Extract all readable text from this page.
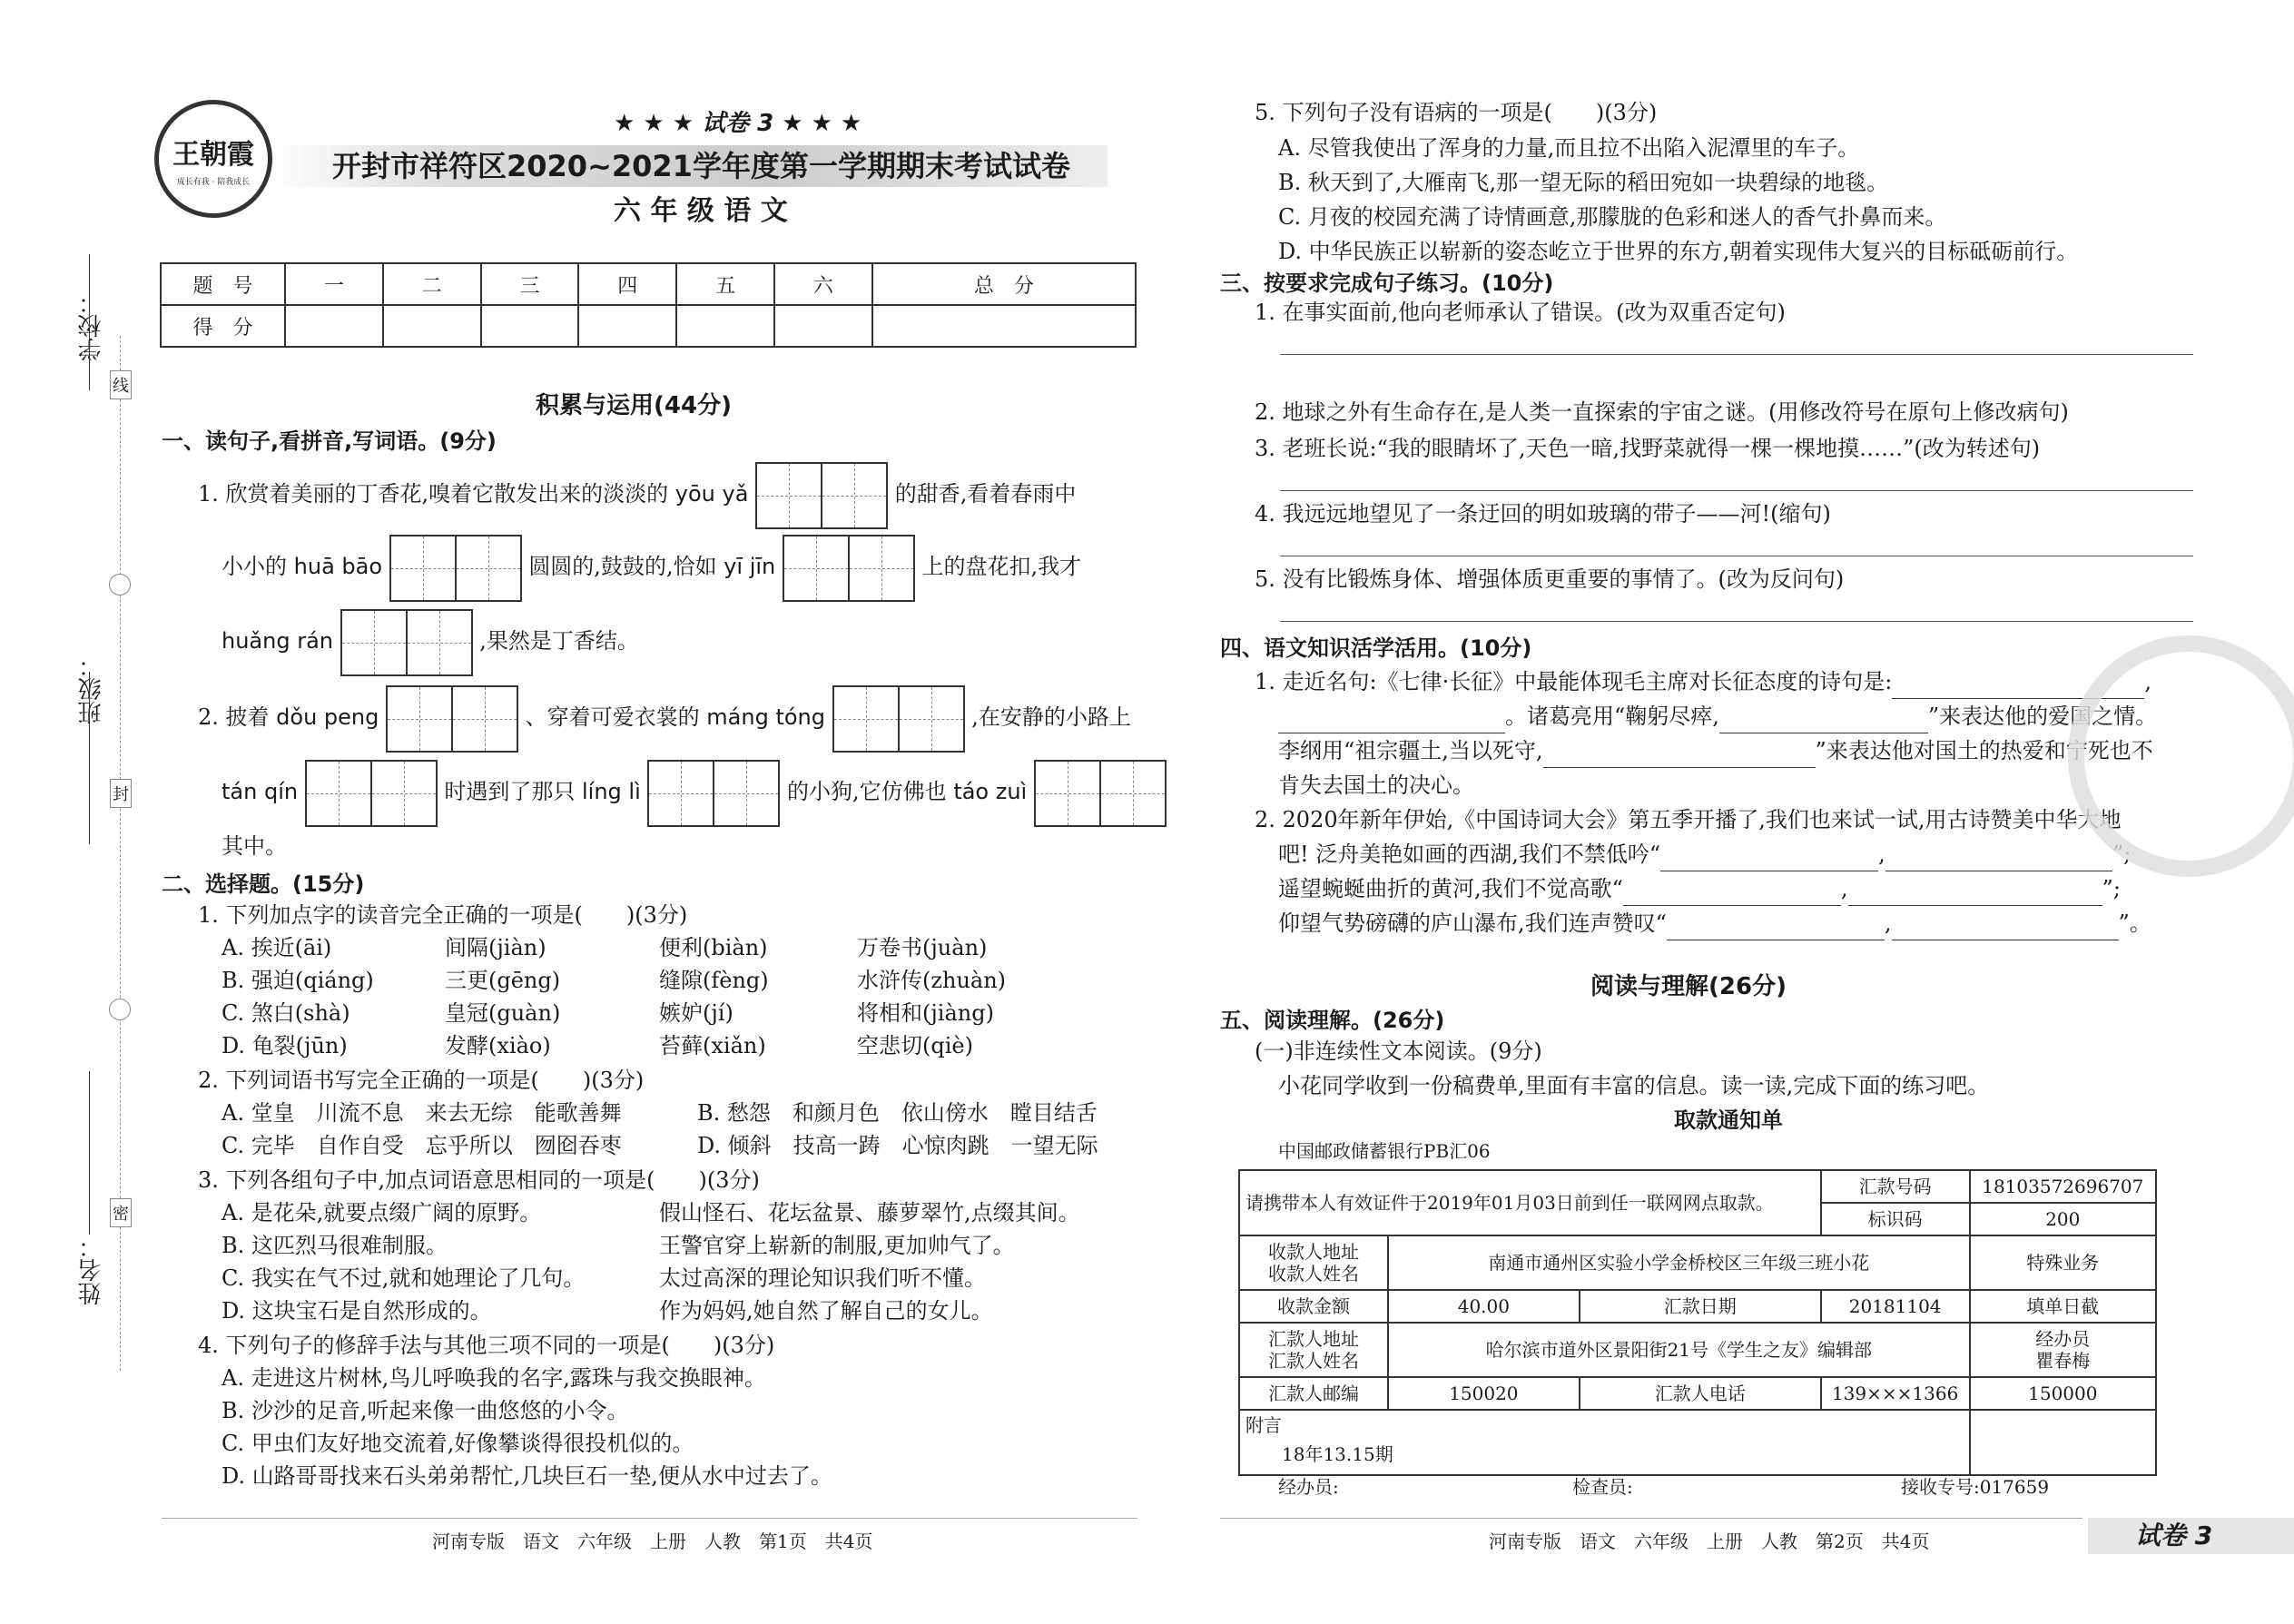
学校：
线
班级：
封
姓名：
密
王朝霞
成长有我 · 陪我成长
★ ★ ★ 试卷 3 ★ ★ ★
开封市祥符区2020~2021学年度第一学期期末考试试卷
六 年 级 语 文
题　号	一	二	三	四	五	六	总　分
得　分							
积累与运用(44分)
一、读句子,看拼音,写词语。(9分)
1. 欣赏着美丽的丁香花,嗅着它散发出来的淡淡的 yōu yǎ	的甜香,看着春雨中
小小的 huā bāo	圆圆的,鼓鼓的,恰如 yī jīn	上的盘花扣,我才
huǎng rán	,果然是丁香结。
2. 披着 dǒu peng	、穿着可爱衣裳的 máng tóng	,在安静的小路上
tán qín	时遇到了那只 líng lì	的小狗,它仿佛也 táo zuì
其中。
二、选择题。(15分)
1. 下列加点字的读音完全正确的一项是(　　)(3分)
A. 挨近(āi)	间隔(jiàn)	便利(biàn)	万卷书(juàn)
B. 强迫(qiáng)	三更(gēng)	缝隙(fèng)	水浒传(zhuàn)
C. 煞白(shà)	皇冠(guàn)	嫉妒(jí)	将相和(jiàng)
D. 龟裂(jūn)	发酵(xiào)	苔藓(xiǎn)	空悲切(qiè)
2. 下列词语书写完全正确的一项是(　　)(3分)
A. 堂皇　川流不息　来去无综　能歌善舞	B. 愁怨　和颜月色　依山傍水　瞠目结舌
C. 完毕　自作自受　忘乎所以　囫囵吞枣	D. 倾斜　技高一踌　心惊肉跳　一望无际
3. 下列各组句子中,加点词语意思相同的一项是(　　)(3分)
A. 是花朵,就要点缀广阔的原野。	假山怪石、花坛盆景、藤萝翠竹,点缀其间。
B. 这匹烈马很难制服。	王警官穿上崭新的制服,更加帅气了。
C. 我实在气不过,就和她理论了几句。	太过高深的理论知识我们听不懂。
D. 这块宝石是自然形成的。	作为妈妈,她自然了解自己的女儿。
4. 下列句子的修辞手法与其他三项不同的一项是(　　)(3分)
A. 走进这片树林,鸟儿呼唤我的名字,露珠与我交换眼神。
B. 沙沙的足音,听起来像一曲悠悠的小令。
C. 甲虫们友好地交流着,好像攀谈得很投机似的。
D. 山路哥哥找来石头弟弟帮忙,几块巨石一垫,便从水中过去了。
河南专版　语文　六年级　上册　人教　第1页　共4页
5. 下列句子没有语病的一项是(　　)(3分)
A. 尽管我使出了浑身的力量,而且拉不出陷入泥潭里的车子。
B. 秋天到了,大雁南飞,那一望无际的稻田宛如一块碧绿的地毯。
C. 月夜的校园充满了诗情画意,那朦胧的色彩和迷人的香气扑鼻而来。
D. 中华民族正以崭新的姿态屹立于世界的东方,朝着实现伟大复兴的目标砥砺前行。
三、按要求完成句子练习。(10分)
1. 在事实面前,他向老师承认了错误。(改为双重否定句)
2. 地球之外有生命存在,是人类一直探索的宇宙之谜。(用修改符号在原句上修改病句)
3. 老班长说:“我的眼睛坏了,天色一暗,找野菜就得一棵一棵地摸……”(改为转述句)
4. 我远远地望见了一条迂回的明如玻璃的带子——河!(缩句)
5. 没有比锻炼身体、增强体质更重要的事情了。(改为反问句)
四、语文知识活学活用。(10分)
1. 走近名句:《七律·长征》中最能体现毛主席对长征态度的诗句是:	,
。诸葛亮用“鞠躬尽瘁,	”来表达他的爱国之情。
李纲用“祖宗疆土,当以死守,	”来表达他对国土的热爱和宁死也不
肯失去国土的决心。
2. 2020年新年伊始,《中国诗词大会》第五季开播了,我们也来试一试,用古诗赞美中华大地
吧! 泛舟美艳如画的西湖,我们不禁低吟“	,	”;
遥望蜿蜒曲折的黄河,我们不觉高歌“	,	”;
仰望气势磅礴的庐山瀑布,我们连声赞叹“	,	”。
阅读与理解(26分)
五、阅读理解。(26分)
(一)非连续性文本阅读。(9分)
小花同学收到一份稿费单,里面有丰富的信息。读一读,完成下面的练习吧。
取款通知单
中国邮政储蓄银行PB汇06
请携带本人有效证件于2019年01月03日前到任一联网网点取款。			汇款号码	18103572696707
			标识码	200
收款人地址
收款人姓名	南通市通州区实验小学金桥校区三年级三班小花			特殊业务
收款金额	40.00	汇款日期	20181104	填单日截
汇款人地址
汇款人姓名	哈尔滨市道外区景阳街21号《学生之友》编辑部			经办员
瞿春梅
汇款人邮编	150020	汇款人电话	139×××1366	150000
附言
18年13.15期				
经办员:	检查员:	接收专号:017659
河南专版　语文　六年级　上册　人教　第2页　共4页	试卷 3
